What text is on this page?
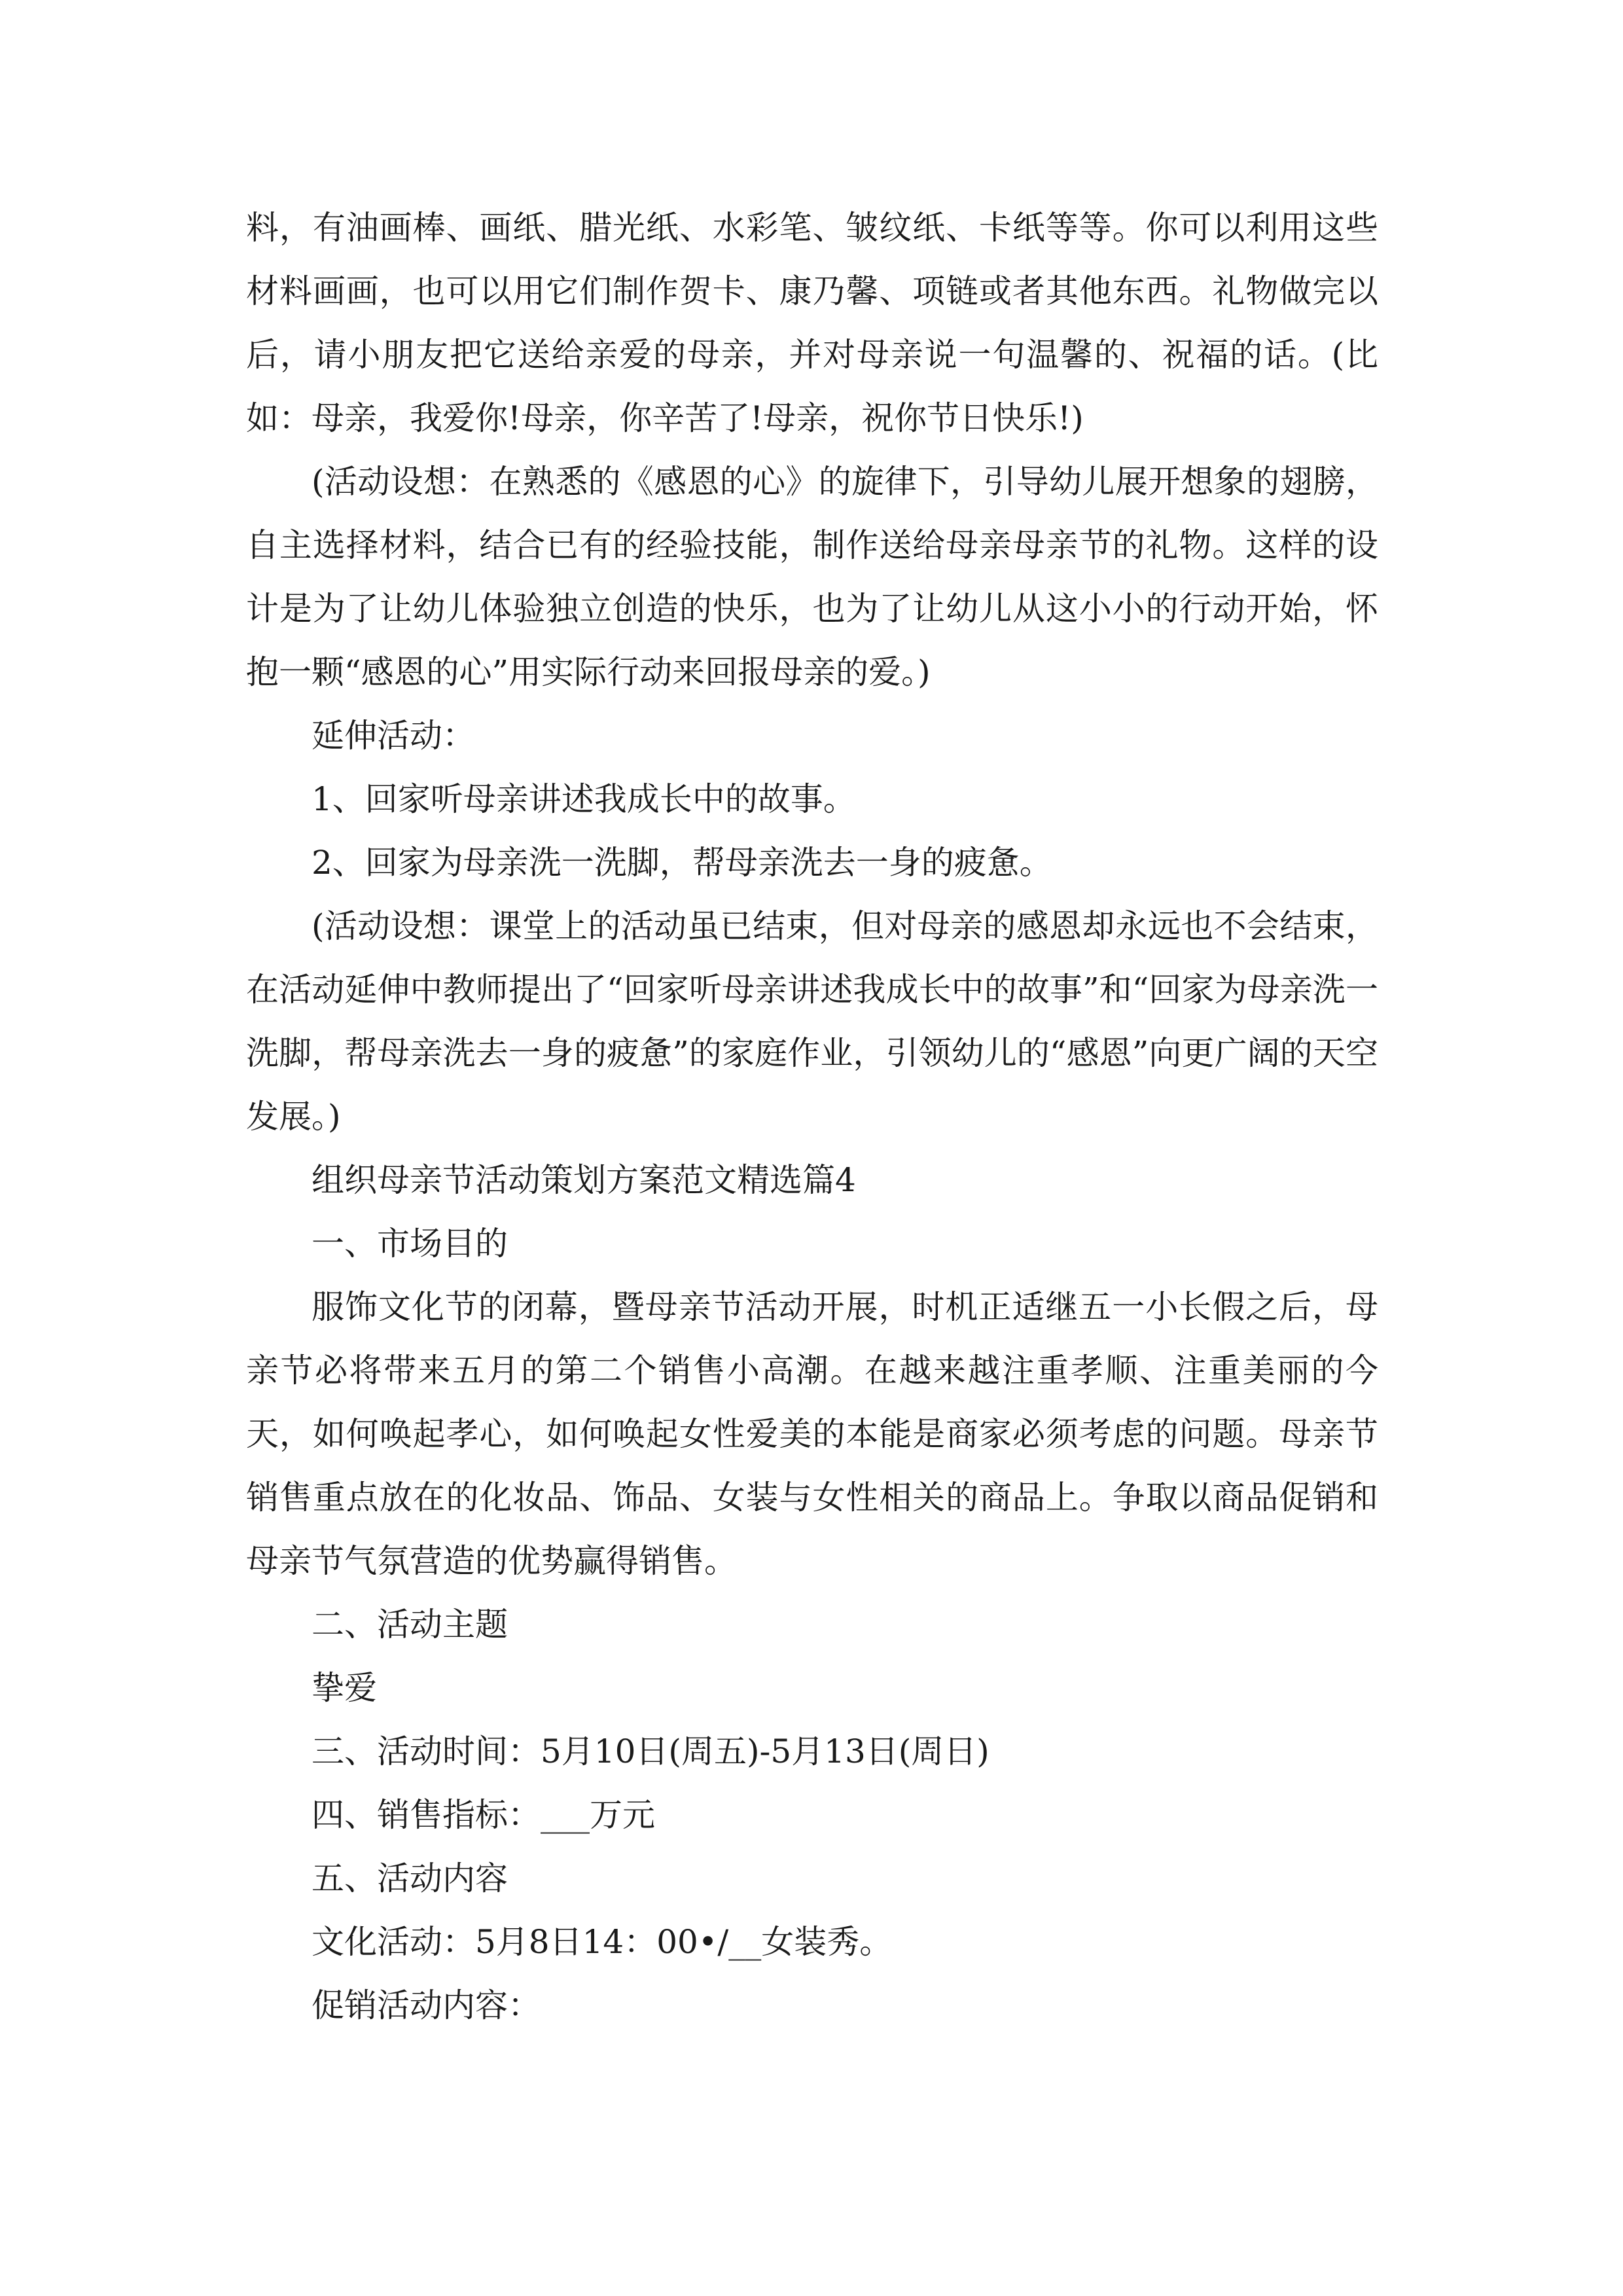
料，有油画棒、画纸、腊光纸、水彩笔、皱纹纸、卡纸等等。你可以利用这些材料画画，也可以用它们制作贺卡、康乃馨、项链或者其他东西。礼物做完以后，请小朋友把它送给亲爱的母亲，并对母亲说一句温馨的、祝福的话。(比如：母亲，我爱你!母亲，你辛苦了!母亲，祝你节日快乐!)

(活动设想：在熟悉的《感恩的心》的旋律下，引导幼儿展开想象的翅膀，自主选择材料，结合已有的经验技能，制作送给母亲母亲节的礼物。这样的设计是为了让幼儿体验独立创造的快乐，也为了让幼儿从这小小的行动开始，怀抱一颗“感恩的心”用实际行动来回报母亲的爱。)

延伸活动：

1、回家听母亲讲述我成长中的故事。

2、回家为母亲洗一洗脚，帮母亲洗去一身的疲惫。

(活动设想：课堂上的活动虽已结束，但对母亲的感恩却永远也不会结束，在活动延伸中教师提出了“回家听母亲讲述我成长中的故事”和“回家为母亲洗一洗脚，帮母亲洗去一身的疲惫”的家庭作业，引领幼儿的“感恩”向更广阔的天空发展。)

组织母亲节活动策划方案范文精选篇4

一、市场目的

服饰文化节的闭幕，暨母亲节活动开展，时机正适继五一小长假之后，母亲节必将带来五月的第二个销售小高潮。在越来越注重孝顺、注重美丽的今天，如何唤起孝心，如何唤起女性爱美的本能是商家必须考虑的问题。母亲节销售重点放在的化妆品、饰品、女装与女性相关的商品上。争取以商品促销和母亲节气氛营造的优势赢得销售。

二、活动主题

挚爱

三、活动时间：5月10日(周五)-5月13日(周日)

四、销售指标：___万元

五、活动内容

文化活动：5月8日14：00•/__女装秀。

促销活动内容：
